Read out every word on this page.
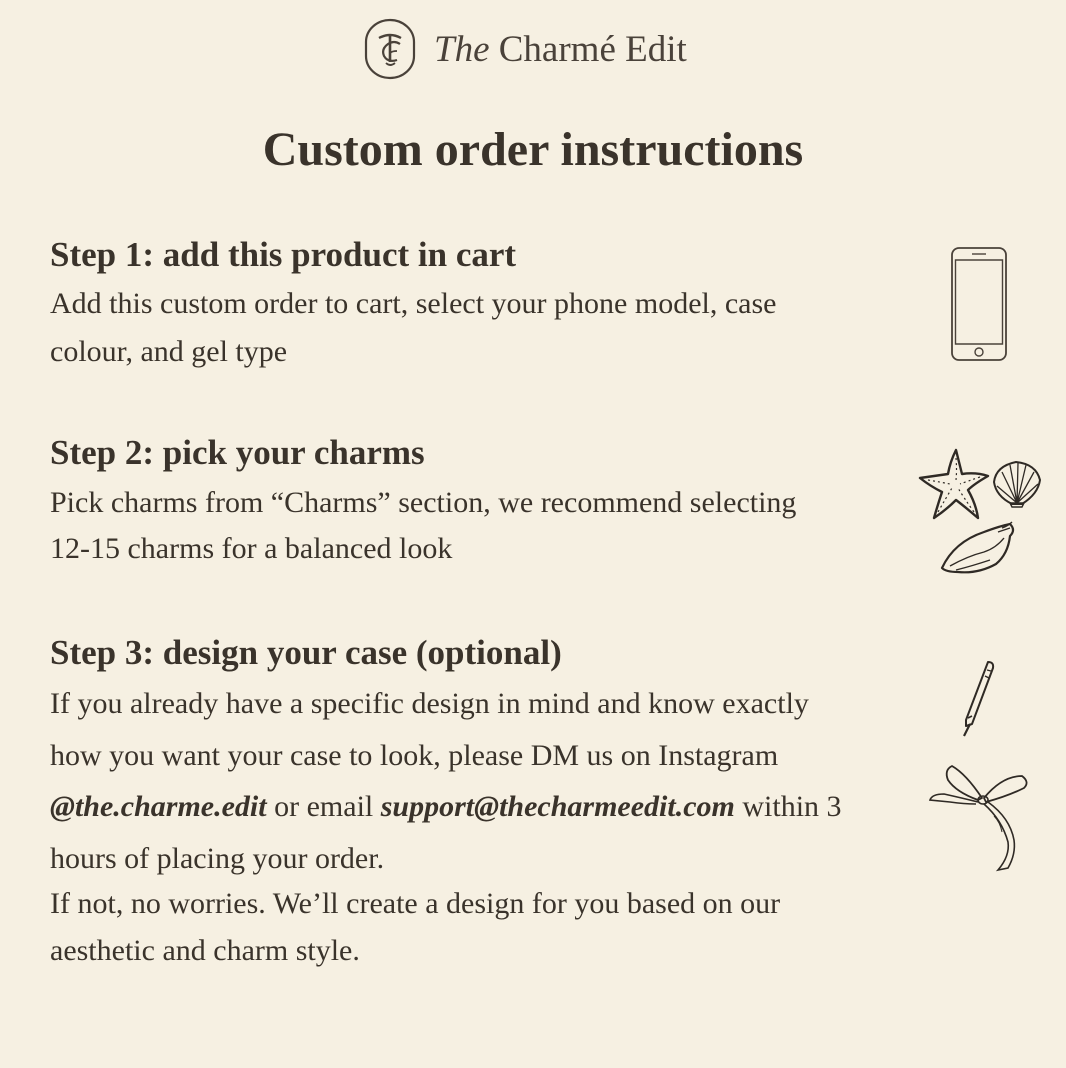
The Charmé Edit
Custom order instructions
Step 1: add this product in cart

Add this custom order to cart, select your phone model, case
colour, and gel type

Step 2: pick your charms

Pick charms from “Charms” section, we recommend selecting
12-15 charms for a balanced look

Step 3: design your case (optional)

If you already have a specific design in mind and know exactly
how you want your case to look, please DM us on Instagram
@the.charme.edit or email support@thecharmeedit.com within 3
hours of placing your order.

If not, no worries. We’ll create a design for you based on our
aesthetic and charm style.
